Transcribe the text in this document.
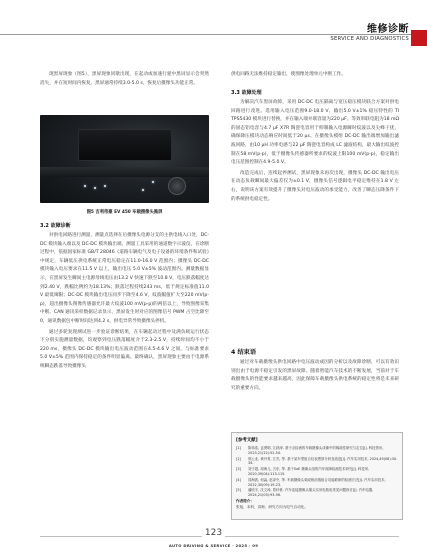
维修诊断
SERVICE AND DIAGNOSTICS

现黑屏现象（图5），黑屏现象同歇出现，在起动或加速行驶中黑屏显示会突然消失，并在短时间内恢复。黑屏通常持续3.0-5.0 s，恢复后摄像头功能正常。

图5 吉利帝豪 EV 450 车载摄像头黑屏
3.2 故障诊断

对供电回路进行测量，测量点选择在后摄像头电源分支的主供电线入口处，DC-DC 模块输入端以及 DC-DC 模块输出端，测量工具采用的通道数字示波仪。在诊断过程中，依据国家标准 GB/T 28046《道路车辆电气及电子设备的环境条件和试验》中规定，车辆低压供电系统正常电压稳定在11.0-16.0 V 范围内；摄像头 DC-DC 模块输入电压要求在11.5 V 以上，输出电压 5.0 V±5% 波动范围内。测量数据显示，在黑屏发生瞬间主电源母线电压由13.2 V 快速下跌至10.8 V，电压跌落幅度达到2.40 V，跌幅比例约为18.13%；跌落过程持续243 ms，低于规定标准值11.0 V 最低阈限；DC-DC 模块输出电压同步下降至4.6 V，纹波幅值扩大至220 mV(p-p)，超出摄像头图像传感器允许最大纹波100 mV(p-p)的两倍以上，导致图像采集中断。CAN 通讯采样数据记录显示，黑屏发生时对应的图像信号 PWM 占空比降至0，通讯数据包中断时间达到4.2 s，供电异常导致摄像头停机。

通过多轮复现测试进一步验证诊断结果，在车辆起动过程中及满负载运行状态下分别实施测量数据，均观察到电压跌落幅度介于2.3-2.5 V，持续时间均不小于220 ms，摄像头 DC-DC 模块输出电压波动范围在4.5-4.6 V 之间，与标准要求 5.0 V±5% 范围内保持稳定的条件明显偏离。最终确认，黑屏现象主要由于电源系统瞬态跌落导致摄像头

供电回路无法维持稳定输出，使图像处理单元中断工作。

3.3 故障处理

为解决汽车黑屏故障，采用 DC-DC 电压隔离与宽压稳压模块联合方案对供电回路进行改进。选用输入电压范围9.0-18.0 V、输出5.0 V±1% 稳压特性的 TI TPS5430 模块进行替换，并在输入端并联容量为220 μF、等效串联电阻为18 mΩ 的固态铝电容与4.7 μF X7R 陶瓷电容用于抑制输入电源瞬时纹波以及尖峰干扰，确保降压模块动态响应时间低于20 μs。在摄像头模组 DC-DC 输出端增加输出滤波回路，由10 μH 功率电感与22 μF 陶瓷电容构成 LC 滤波结构，最大输出纹波控制在58 mV(p-p)，低于摄像头传感器所要求的纹波上限100 mV(p-p)，稳定输出电压范围控制在4.9-5.0 V。

改造完成后，连续起停测试，黑屏现象未再次出现，摄像头 DC-DC 输出电压在动态负载瞬间最大偏差仅为±0.1 V，摄像头信号逻辑电平稳定维持在1.8 V 左右，说明该方案有效提升了摄像头对电压波动的承受能力，改善了瞬态压降条件下的系统供电稳定性。

4 结束语

通过对车载摄像头供电回路中电压波动成因的分析以及故障诊断，可以有效识别出由于电源不稳定引发的黑屏故障。随着智能汽车技术的不断发展，当前对于车载摄像头的性能要求越来越高，因此保障车载摄像头供电系统的稳定性将是未来研究的重要方向。

[参考文献]
[1]	陈伟浩, 孟勇明, 江跃涛. 基于点检流的车载摄像头成像中的稀疏性研究与定位[J]. 科技资讯, 2023,21(22):52-54.
[2]	邢公业, 黄丹青, 江杰, 等. 基于某车型组合仪表黑屏分析及改进[J]. 汽车实用技术, 2024,49(08):30-34.
[3]	刘子超, 周海儿, 古东, 等. 基于SoE 摄像头组的汽车故障检测技术研究[J]. 科技风, 2020,39(04):113-115.
[4]	同海波, 何淼, 赵泽中, 等. 车载摄像头频成相前瑞组合功能联研的检测方法[J]. 汽车实用技术, 2022,30(09):19-23.
[5]	潘欣宇, 沈文涛, 曾轩豪. 汽车连接摄像头插头实用电瓶电常见问题探讨[J]. 汽车电器, 2024,21(03):93-96.
作者简介：
张旭，本科，讲师，研究方向为电气自动化。
123
AUTO DRIVING & SERVICE · 2025 · 09
